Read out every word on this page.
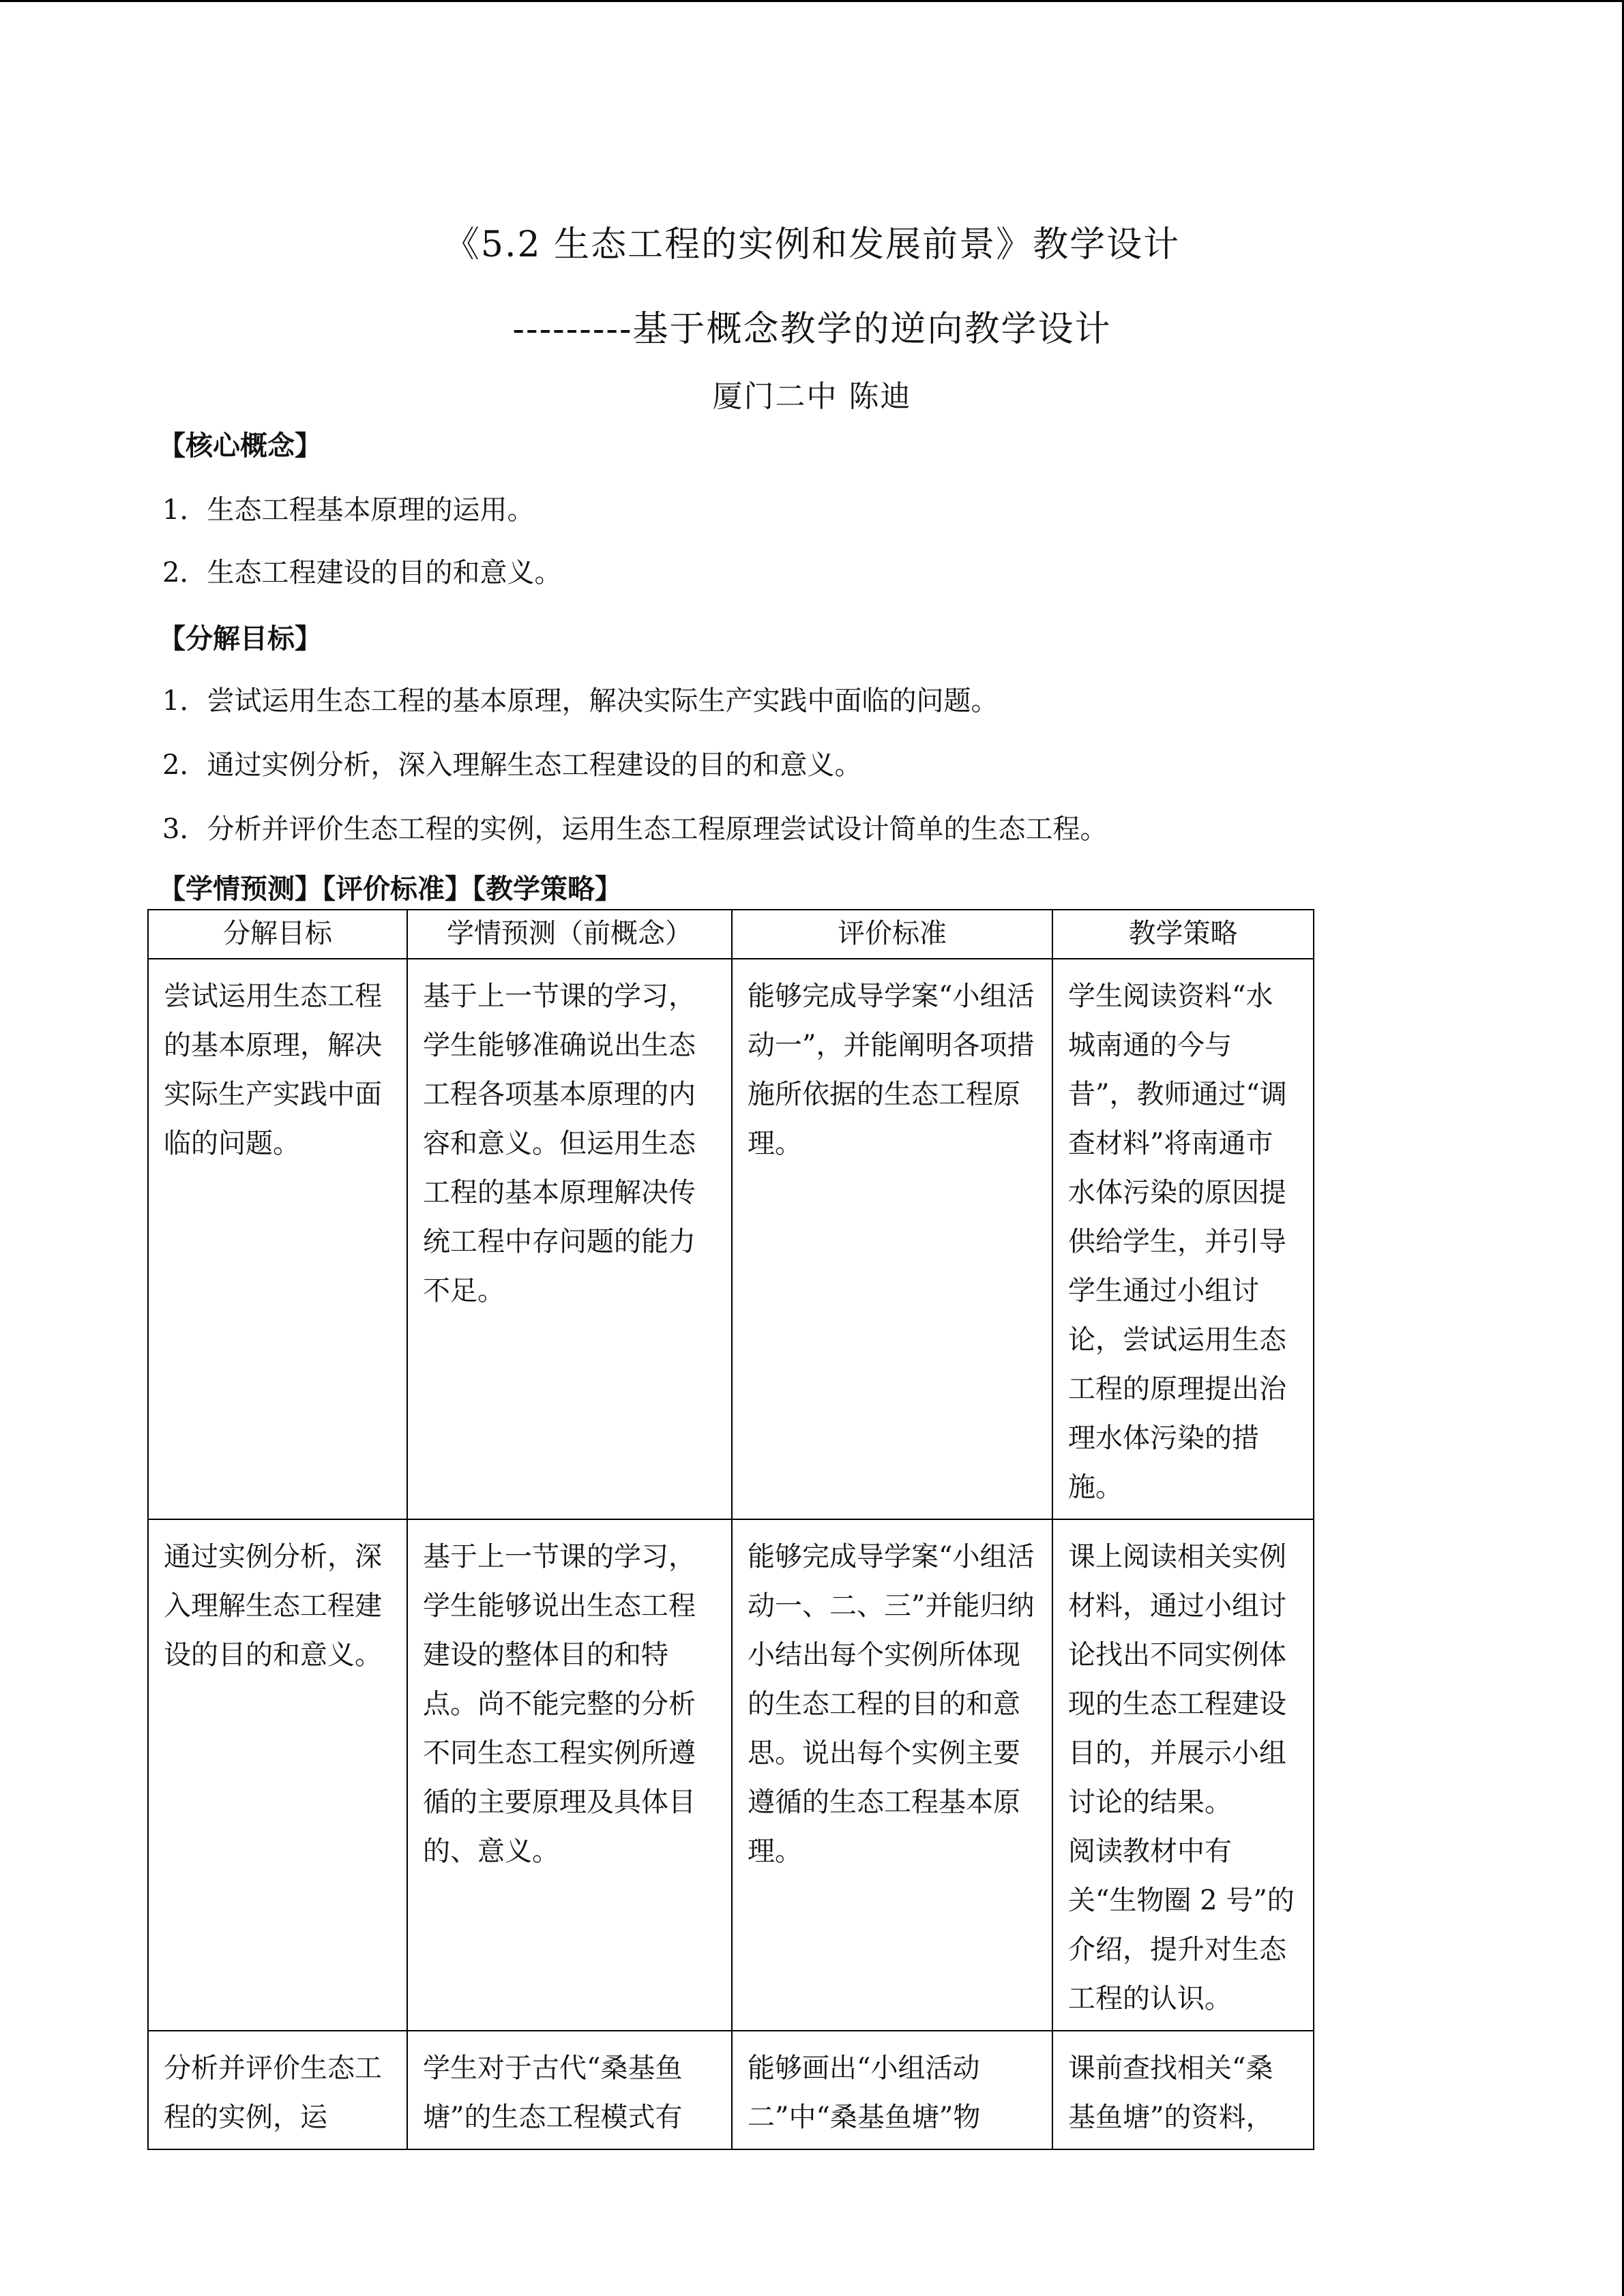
《5.2 生态工程的实例和发展前景》教学设计
---------基于概念教学的逆向教学设计
厦门二中 陈迪
【核心概念】
1．生态工程基本原理的运用。
2．生态工程建设的目的和意义。
【分解目标】
1．尝试运用生态工程的基本原理，解决实际生产实践中面临的问题。
2．通过实例分析，深入理解生态工程建设的目的和意义。
3．分析并评价生态工程的实例，运用生态工程原理尝试设计简单的生态工程。
【学情预测】【评价标准】【教学策略】
分解目标	学情预测（前概念）	评价标准	教学策略

尝试运用生态工程的基本原理，解决实际生产实践中面临的问题。	基于上一节课的学习，学生能够准确说出生态工程各项基本原理的内容和意义。但运用生态工程的基本原理解决传统工程中存问题的能力不足。	能够完成导学案“小组活动一”，并能阐明各项措施所依据的生态工程原理。	学生阅读资料“水城南通的今与昔”，教师通过“调查材料”将南通市水体污染的原因提供给学生，并引导学生通过小组讨论，尝试运用生态工程的原理提出治理水体污染的措施。

通过实例分析，深入理解生态工程建设的目的和意义。	基于上一节课的学习，学生能够说出生态工程建设的整体目的和特点。尚不能完整的分析不同生态工程实例所遵循的主要原理及具体目的、意义。	能够完成导学案“小组活动一、二、三”并能归纳小结出每个实例所体现的生态工程的目的和意思。说出每个实例主要遵循的生态工程基本原理。	课上阅读相关实例材料，通过小组讨论找出不同实例体现的生态工程建设目的，并展示小组讨论的结果。
阅读教材中有关“生物圈 2 号”的介绍，提升对生态工程的认识。

分析并评价生态工程的实例，运	学生对于古代“桑基鱼塘”的生态工程模式有	能够画出“小组活动二”中“桑基鱼塘”物	课前查找相关“桑基鱼塘”的资料，
